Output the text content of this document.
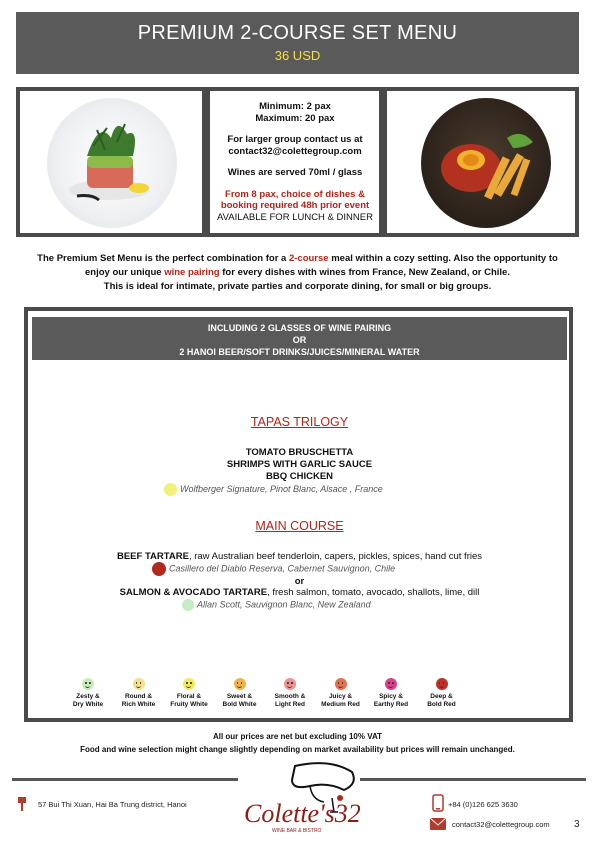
PREMIUM 2-COURSE SET MENU
36 USD
Minimum: 2 pax
Maximum: 20 pax
For larger group contact us at
contact32@colettegroup.com
Wines are served 70ml / glass
From 8 pax, choice of dishes &
booking required 48h prior event
AVAILABLE FOR LUNCH & DINNER
The Premium Set Menu is the perfect combination for a 2-course meal within a cozy setting. Also the opportunity to
enjoy our unique wine pairing for every dishes with wines from France, New Zealand, or Chile.
This is ideal for intimate, private parties and corporate dining, for small or big groups.
INCLUDING 2 GLASSES OF WINE PAIRING
OR
2 HANOI BEER/SOFT DRINKS/JUICES/MINERAL WATER
TAPAS TRILOGY
TOMATO BRUSCHETTA
SHRIMPS WITH GARLIC SAUCE
BBQ CHICKEN
Wolfberger Signature, Pinot Blanc, Alsace , France
MAIN COURSE
BEEF TARTARE, raw Australian beef tenderloin, capers, pickles, spices, hand cut fries
Casillero del Diablo Reserva, Cabernet Sauvignon, Chile
or
SALMON & AVOCADO TARTARE, fresh salmon, tomato, avocado, shallots, lime, dill
Allan Scott, Sauvignon Blanc, New Zealand
Zesty &
Dry White
Round &
Rich White
Floral &
Fruity White
Sweet &
Bold White
Smooth &
Light Red
Juicy &
Medium Red
Spicy &
Earthy Red
Deep &
Bold Red
All our prices are net but excluding 10% VAT
Food and wine selection might change slightly depending on market availability but prices will remain unchanged.
57 Bui Thi Xuan, Hai Ba Trung district, Hanoi Colette's32
WINE BAR & BISTRO
+84 (0)126 625 3630
contact32@colettegroup.com 3
